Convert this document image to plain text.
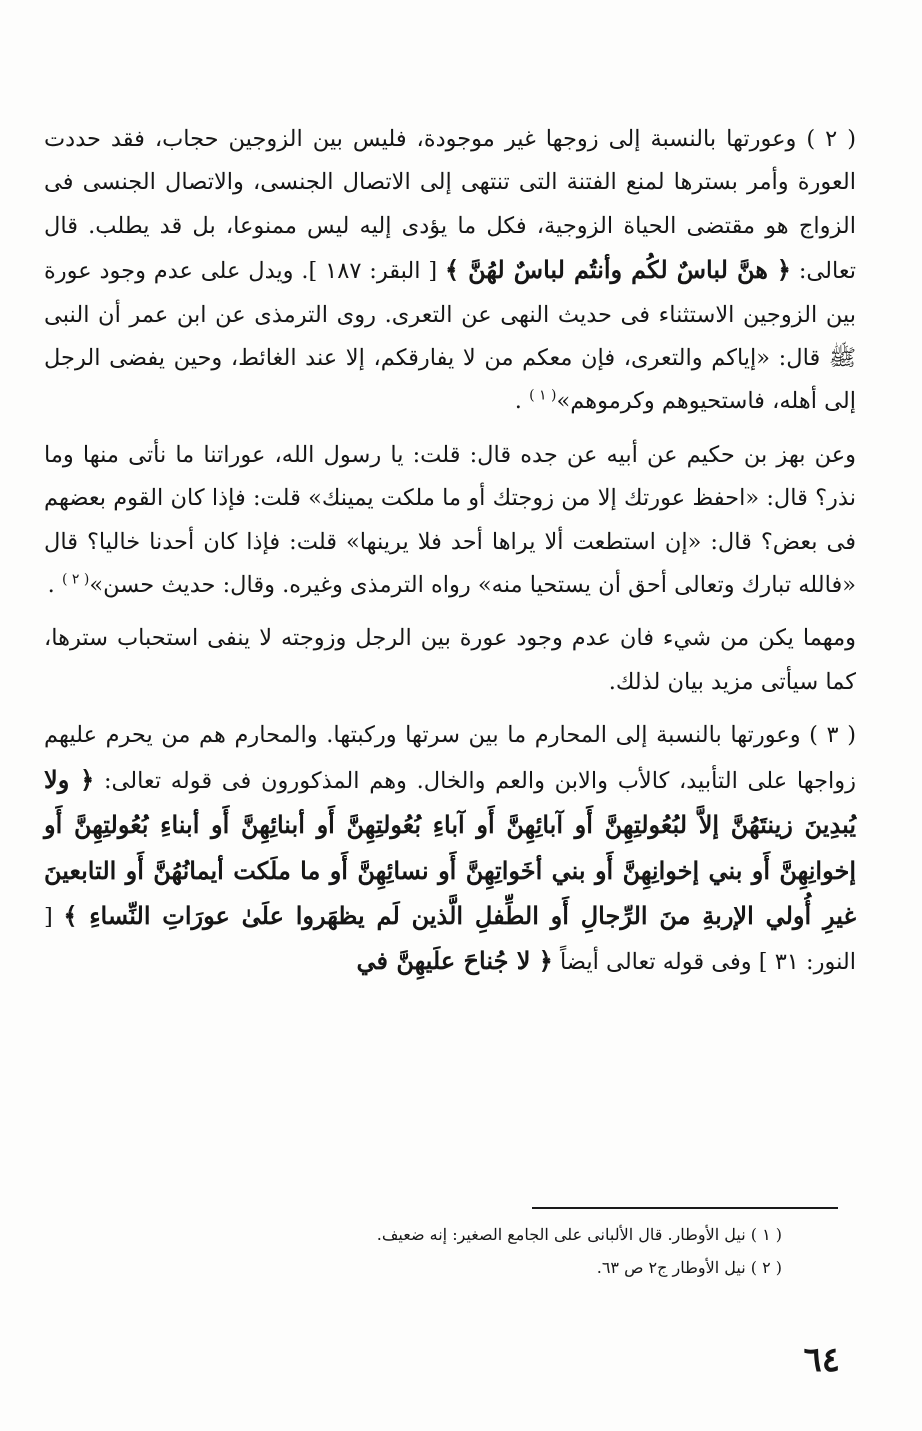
( ٢ ) وعورتها بالنسبة إلى زوجها غير موجودة، فليس بين الزوجين حجاب، فقد حددت العورة وأمر بسترها لمنع الفتنة التى تنتهى إلى الاتصال الجنسى، والاتصال الجنسى فى الزواج هو مقتضى الحياة الزوجية، فكل ما يؤدى إليه ليس ممنوعا، بل قد يطلب. قال تعالى: ﴿ هنَّ لباسٌ لكُم وأنتُم لباسٌ لهُنَّ ﴾ [ البقر: ١٨٧ ]. ويدل على عدم وجود عورة بين الزوجين الاستثناء فى حديث النهى عن التعرى. روى الترمذى عن ابن عمر أن النبى ﷺ قال: «إياكم والتعرى، فإن معكم من لا يفارقكم، إلا عند الغائط، وحين يفضى الرجل إلى أهله، فاستحيوهم وكرموهم»$^{( ١ )}$ .

وعن بهز بن حكيم عن أبيه عن جده قال: قلت: يا رسول الله، عوراتنا ما نأتى منها وما نذر؟ قال: «احفظ عورتك إلا من زوجتك أو ما ملكت يمينك» قلت: فإذا كان القوم بعضهم فى بعض؟ قال: «إن استطعت ألا يراها أحد فلا يرينها» قلت: فإذا كان أحدنا خاليا؟ قال «فالله تبارك وتعالى أحق أن يستحيا منه» رواه الترمذى وغيره. وقال: حديث حسن»$^{( ٢ )}$ .

ومهما يكن من شيء فان عدم وجود عورة بين الرجل وزوجته لا ينفى استحباب سترها، كما سيأتى مزيد بيان لذلك.

( ٣ ) وعورتها بالنسبة إلى المحارم ما بين سرتها وركبتها. والمحارم هم من يحرم عليهم زواجها على التأبيد، كالأب والابن والعم والخال. وهم المذكورون فى قوله تعالى: ﴿ ولا يُبدِينَ زينتَهُنَّ إلاَّ لبُعُولتِهِنَّ أَو آبائِهِنَّ أَو آباءِ بُعُولتِهِنَّ أَو أبنائِهِنَّ أَو أبناءِ بُعُولتِهِنَّ أَو إخوانِهِنَّ أَو بني إخوانِهِنَّ أَو بني أخَواتِهِنَّ أَو نسائِهِنَّ أَو ما ملَكت أيمانُهُنَّ أَو التابعينَ غيرِ أُولي الإربةِ منَ الرِّجالِ أَو الطِّفلِ الَّذين لَم يظهَروا علَىٰ عورَاتِ النِّساءِ ﴾ [ النور: ٣١ ] وفى قوله تعالى أيضاً ﴿ لا جُناحَ علَيهِنَّ في

( ١ ) نيل الأوطار. قال الألبانى على الجامع الصغير: إنه ضعيف.

( ٢ ) نيل الأوطار ج٢ ص ٦٣.

٦٤
